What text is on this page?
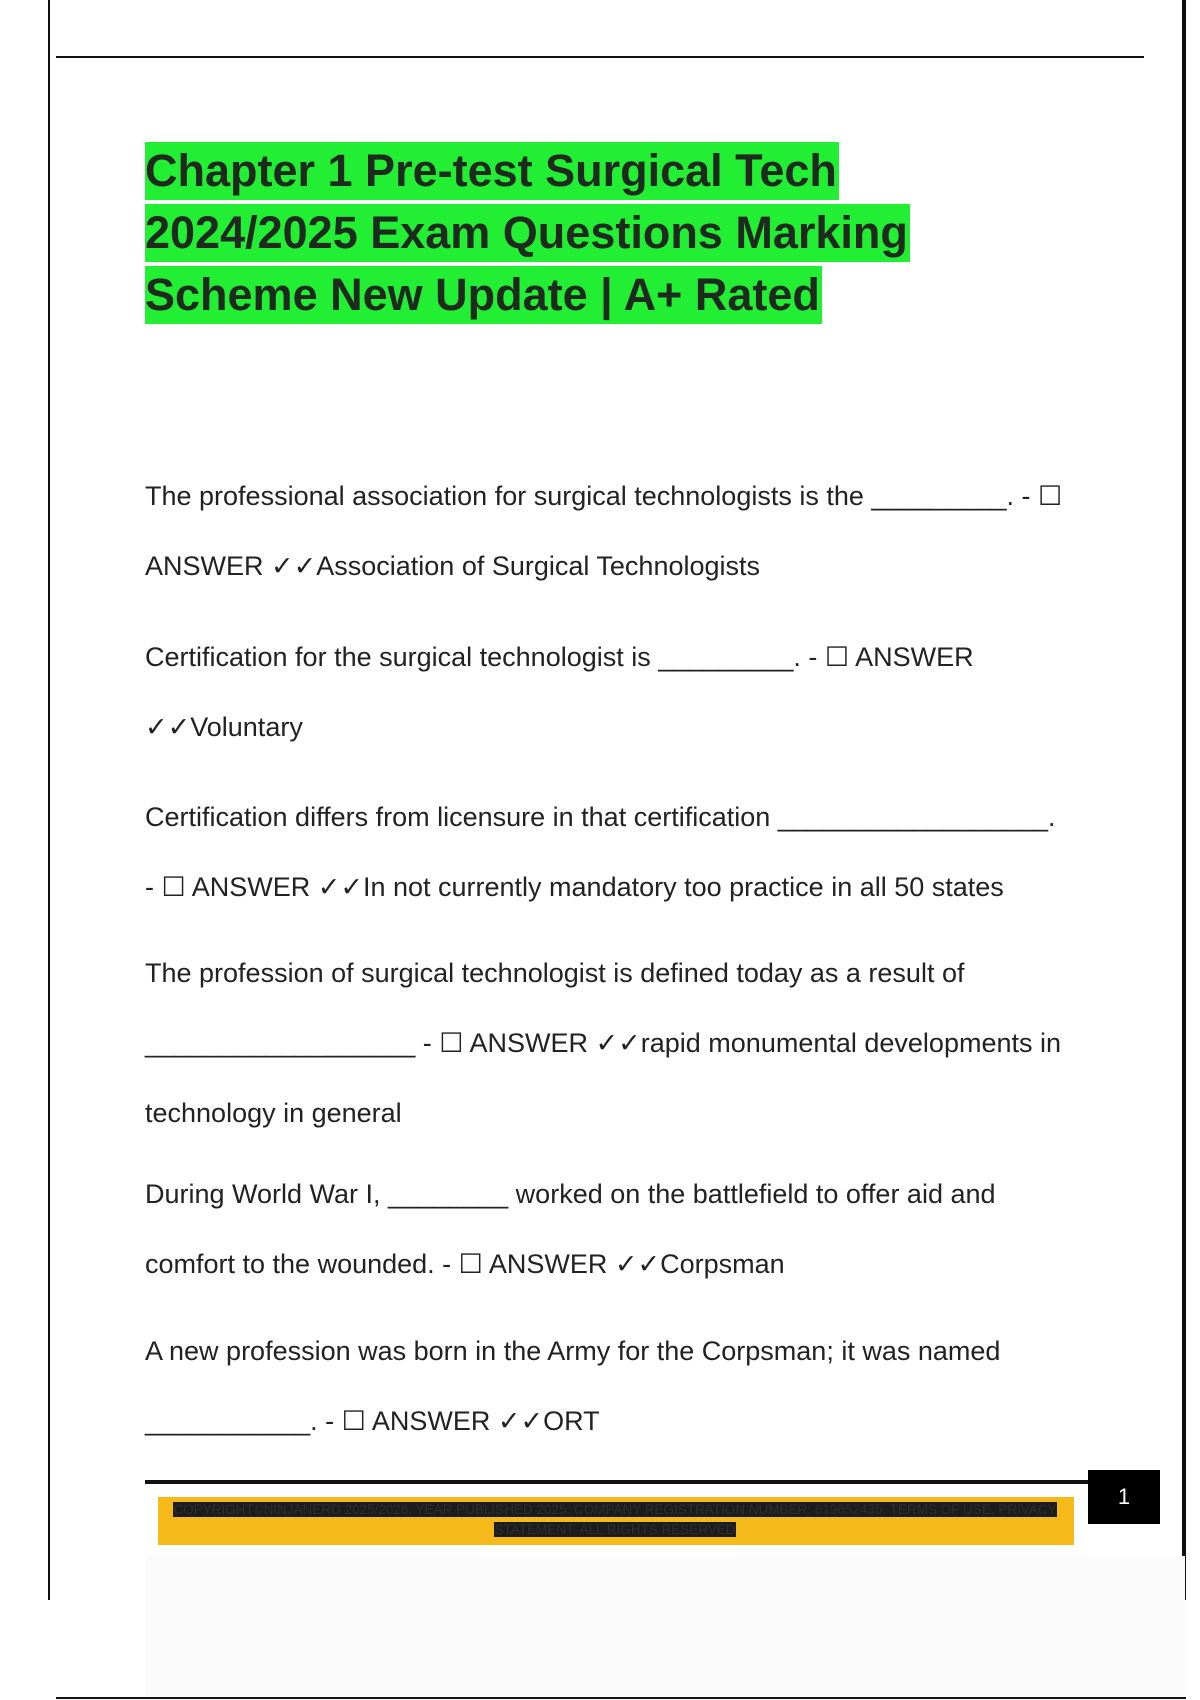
Chapter 1 Pre-test Surgical Tech
2024/2025 Exam Questions Marking
Scheme New Update | A+ Rated

The professional association for surgical technologists is the _________. - ☐

ANSWER ✓✓Association of Surgical Technologists

Certification for the surgical technologist is _________. - ☐ ANSWER

✓✓Voluntary

Certification differs from licensure in that certification __________________.

- ☐ ANSWER ✓✓In not currently mandatory too practice in all 50 states

The profession of surgical technologist is defined today as a result of

__________________ - ☐ ANSWER ✓✓rapid monumental developments in

technology in general

During World War I, ________ worked on the battlefield to offer aid and

comfort to the wounded. - ☐ ANSWER ✓✓Corpsman

A new profession was born in the Army for the Corpsman; it was named

___________. - ☐ ANSWER ✓✓ORT

1
COPYRIGHT©NINJANERD 2025/2026. YEAR PUBLISHED 2025. COMPANY REGISTRATION NUMBER: 619652435. TERMS OF USE. PRIVACY
STATEMENT. ALL RIGHTS RESERVED
